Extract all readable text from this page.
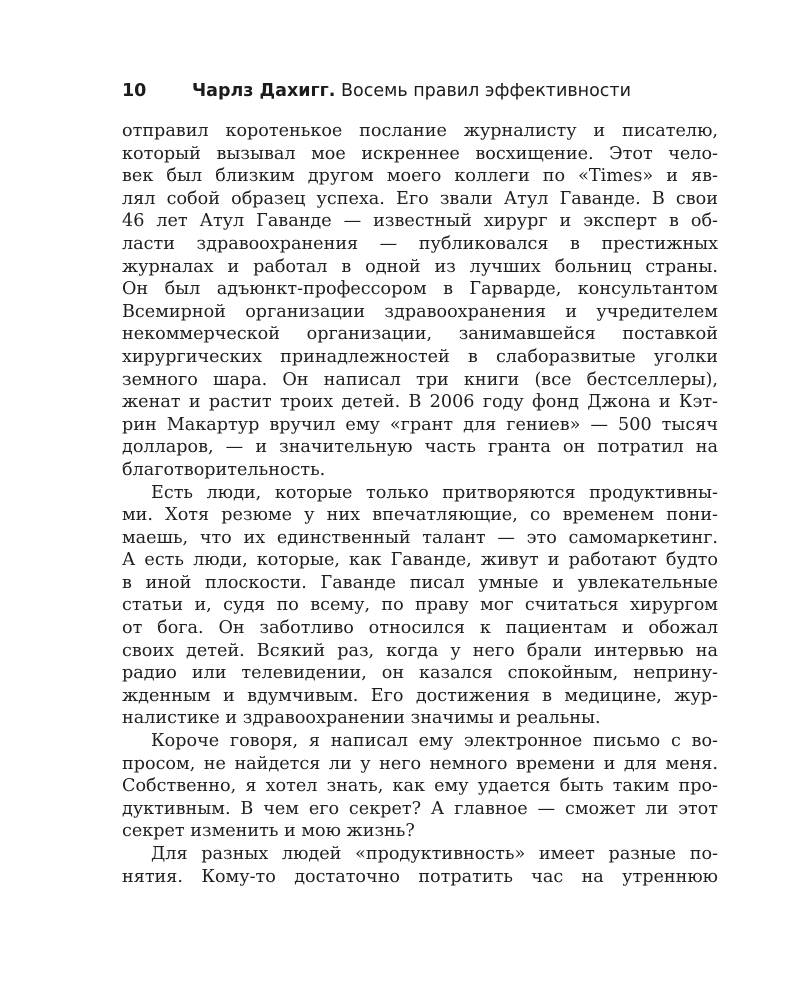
10	Чарлз Дахигг. Восемь правил эффективности
отправил коротенькое послание журналисту и писателю,
который вызывал мое искреннее восхищение. Этот чело-
век был близким другом моего коллеги по «Times» и яв-
лял собой образец успеха. Его звали Атул Гаванде. В свои
46 лет Атул Гаванде — известный хирург и эксперт в об-
ласти здравоохранения — публиковался в престижных
журналах и работал в одной из лучших больниц страны.
Он был адъюнкт-профессором в Гарварде, консультантом
Всемирной организации здравоохранения и учредителем
некоммерческой организации, занимавшейся поставкой
хирургических принадлежностей в слаборазвитые уголки
земного шара. Он написал три книги (все бестселлеры),
женат и растит троих детей. В 2006 году фонд Джона и Кэт-
рин Макартур вручил ему «грант для гениев» — 500 тысяч
долларов, — и значительную часть гранта он потратил на
благотворительность.
Есть люди, которые только притворяются продуктивны-
ми. Хотя резюме у них впечатляющие, со временем пони-
маешь, что их единственный талант — это самомаркетинг.
А есть люди, которые, как Гаванде, живут и работают будто
в иной плоскости. Гаванде писал умные и увлекательные
статьи и, судя по всему, по праву мог считаться хирургом
от бога. Он заботливо относился к пациентам и обожал
своих детей. Всякий раз, когда у него брали интервью на
радио или телевидении, он казался спокойным, неприну-
жденным и вдумчивым. Его достижения в медицине, жур-
налистике и здравоохранении значимы и реальны.
Короче говоря, я написал ему электронное письмо с во-
просом, не найдется ли у него немного времени и для меня.
Собственно, я хотел знать, как ему удается быть таким про-
дуктивным. В чем его секрет? А главное — сможет ли этот
секрет изменить и мою жизнь?
Для разных людей «продуктивность» имеет разные по-
нятия. Кому-то достаточно потратить час на утреннюю
